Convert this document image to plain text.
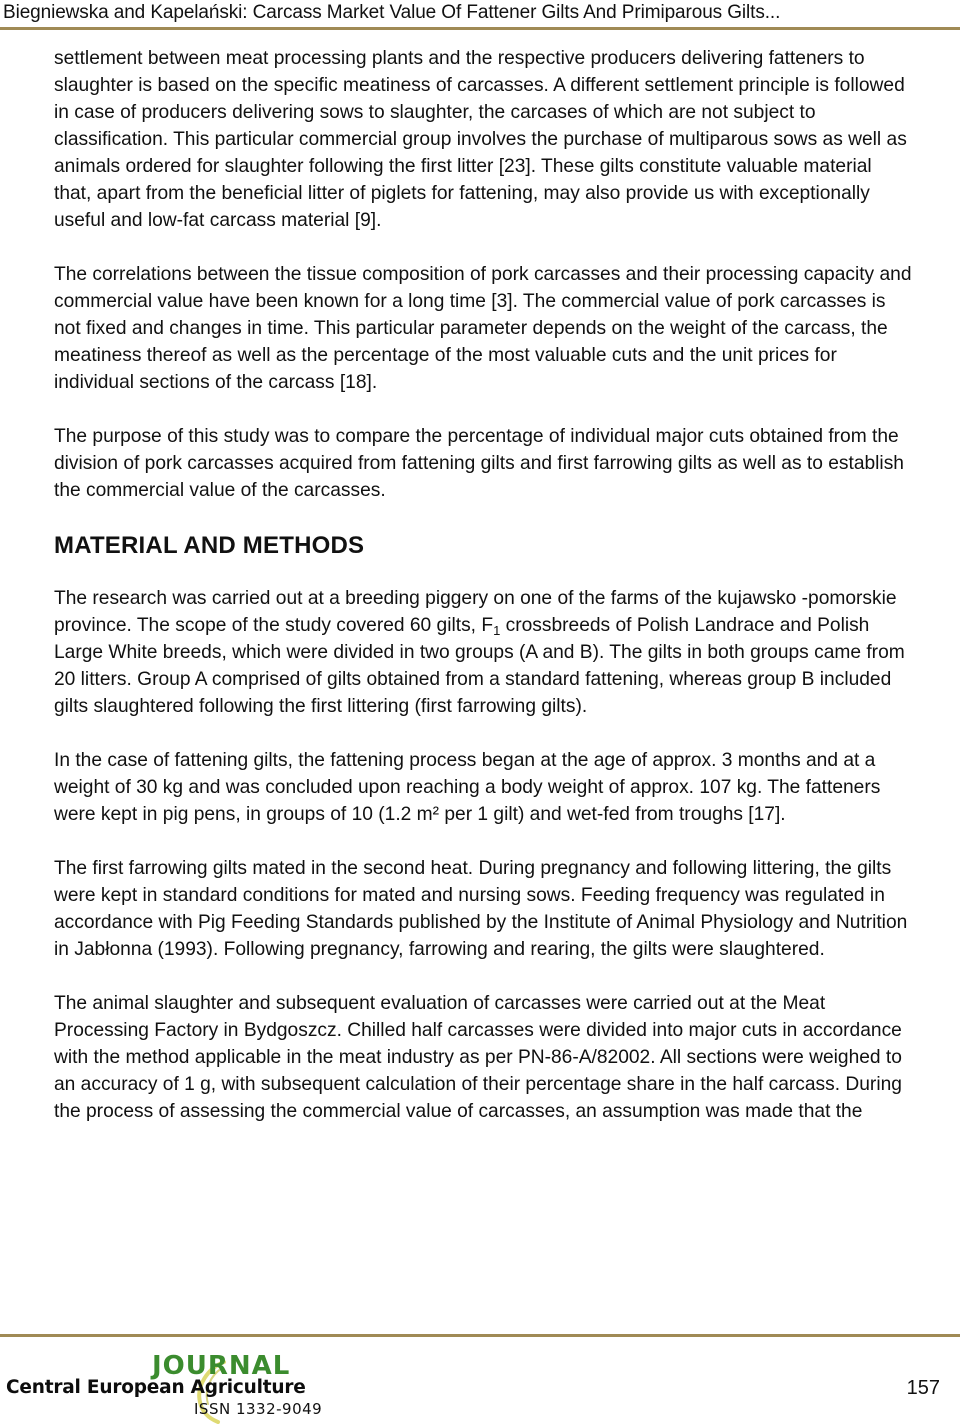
Biegniewska and Kapelański: Carcass Market Value Of Fattener Gilts And Primiparous Gilts...

settlement between meat processing plants and the respective producers delivering fatteners to slaughter is based on the specific meatiness of carcasses. A different settlement principle is followed in case of producers delivering sows to slaughter, the carcases of which are not subject to classification. This particular commercial group involves the purchase of multiparous sows as well as animals ordered for slaughter following the first litter [23]. These gilts constitute valuable material that, apart from the beneficial litter of piglets for fattening, may also provide us with exceptionally useful and low-fat carcass material [9].

The correlations between the tissue composition of pork carcasses and their processing capacity and commercial value have been known for a long time [3]. The commercial value of pork carcasses is not fixed and changes in time. This particular parameter depends on the weight of the carcass, the meatiness thereof as well as the percentage of the most valuable cuts and the unit prices for individual sections of the carcass [18].

The purpose of this study was to compare the percentage of individual major cuts obtained from the division of pork carcasses acquired from fattening gilts and first farrowing gilts as well as to establish the commercial value of the carcasses.

MATERIAL AND METHODS

The research was carried out at a breeding piggery on one of the farms of the kujawsko -pomorskie province. The scope of the study covered 60 gilts, $F_1$ crossbreeds of Polish Landrace and Polish Large White breeds, which were divided in two groups (A and B). The gilts in both groups came from 20 litters. Group A comprised of gilts obtained from a standard fattening, whereas group B included gilts slaughtered following the first littering (first farrowing gilts).

In the case of fattening gilts, the fattening process began at the age of approx. 3 months and at a weight of 30 kg and was concluded upon reaching a body weight of approx. 107 kg. The fatteners were kept in pig pens, in groups of 10 (1.2 m² per 1 gilt) and wet-fed from troughs [17].

The first farrowing gilts mated in the second heat. During pregnancy and following littering, the gilts were kept in standard conditions for mated and nursing sows. Feeding frequency was regulated in accordance with Pig Feeding Standards published by the Institute of Animal Physiology and Nutrition in Jabłonna (1993). Following pregnancy, farrowing and rearing, the gilts were slaughtered.

The animal slaughter and subsequent evaluation of carcasses were carried out at the Meat Processing Factory in Bydgoszcz. Chilled half carcasses were divided into major cuts in accordance with the method applicable in the meat industry as per PN-86-A/82002. All sections were weighed to an accuracy of 1 g, with subsequent calculation of their percentage share in the half carcass. During the process of assessing the commercial value of carcasses, an assumption was made that the

JOURNAL
Central European Agriculture
ISSN 1332-9049
157
